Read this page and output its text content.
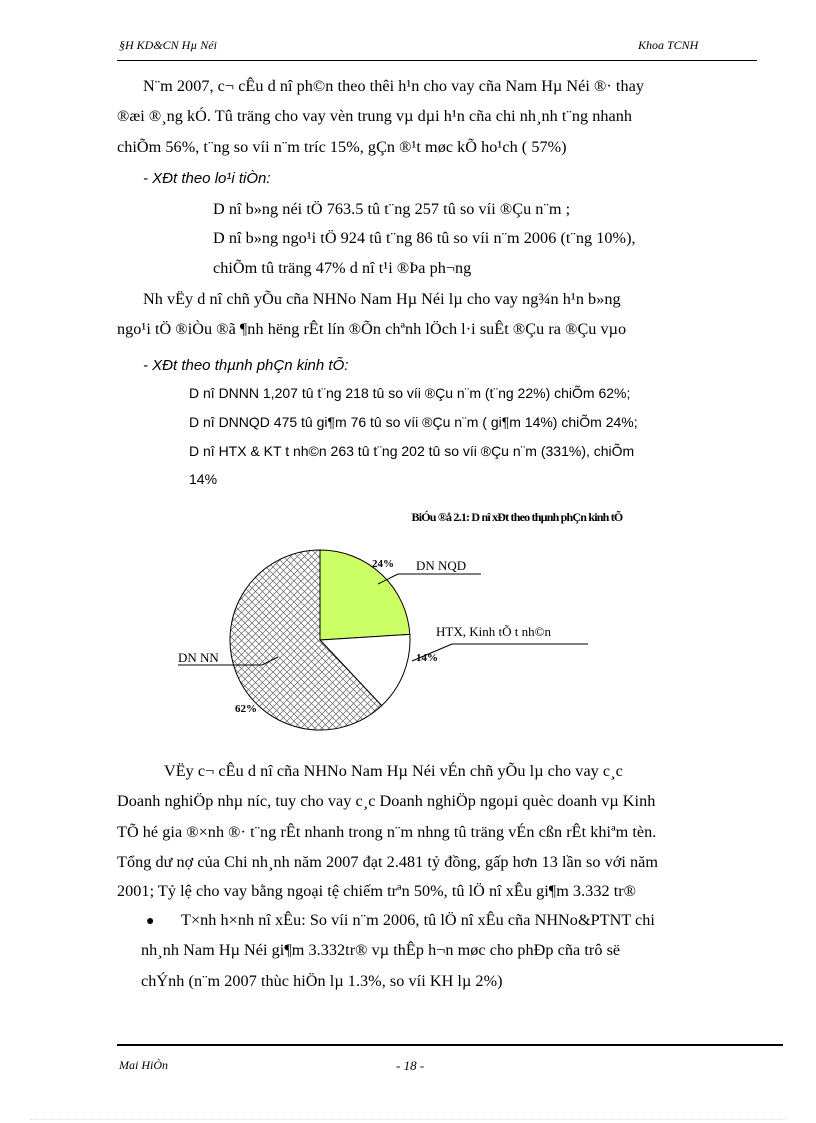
§H KD&CN Hµ Néi	Khoa TCNH
N¨m 2007, c¬ cÊu d nî ph©n theo thêi h¹n cho vay cña Nam Hµ Néi ®· thay
®æi ®¸ng kÓ. Tû träng cho vay vèn trung vµ dµi h¹n cña chi nh¸nh t¨ng nhanh
chiÕm 56%, t¨ng so víi n¨m tríc 15%, gÇn ®¹t møc kÕ ho¹ch ( 57%)
- XÐt theo lo¹i tiÒn:
D nî b»ng néi tÖ 763.5 tû t¨ng 257 tû so víi ®Çu n¨m ;
D nî b»ng ngo¹i tÖ 924 tû t¨ng 86 tû so víi n¨m 2006 (t¨ng 10%),
chiÕm tû träng 47% d nî t¹i ®Þa ph¬ng
Nh vËy d nî chñ yÕu cña NHNo Nam Hµ Néi lµ cho vay ng¾n h¹n b»ng
ngo¹i tÖ ®iÒu ®ã ¶nh hëng rÊt lín ®Õn chªnh lÖch l·i suÊt ®Çu ra ®Çu vµo
- XÐt theo thµnh phÇn kinh tÕ:
D nî DNNN 1,207 tû t¨ng 218 tû so víi ®Çu n¨m (t¨ng 22%) chiÕm 62%;
D nî DNNQD 475 tû gi¶m 76 tû so víi ®Çu n¨m ( gi¶m 14%) chiÕm 24%;
D nî HTX & KT t nh©n 263 tû t¨ng 202 tû so víi ®Çu n¨m (331%), chiÕm
14%
BiÓu ®å 2.1: D nî xÐt theo thµnh phÇn kinh tÕ
DN NN
DN NQD
HTX, Kinh tÕ t nh©n
62%
24%
14%
VËy c¬ cÊu d nî cña NHNo Nam Hµ Néi vÉn chñ yÕu lµ cho vay c¸c
Doanh nghiÖp nhµ níc, tuy cho vay c¸c Doanh nghiÖp ngoµi quèc doanh vµ Kinh
TÕ hé gia ®×nh ®· t¨ng rÊt nhanh trong n¨m nhng tû träng vÉn cßn rÊt khiªm tèn.
Tổng dư nợ của Chi nh¸nh năm 2007 đạt 2.481 tỷ đồng, gấp hơn 13 lần so với năm
2001; Tỷ lệ cho vay bằng ngoại tệ chiếm trªn 50%, tû lÖ nî xÊu gi¶m 3.332 tr®
● T×nh h×nh nî xÊu: So víi n¨m 2006, tû lÖ nî xÊu cña NHNo&PTNT chi
nh¸nh Nam Hµ Néi gi¶m 3.332tr® vµ thÊp h¬n møc cho phÐp cña trô së
chÝnh (n¨m 2007 thùc hiÖn lµ 1.3%, so víi KH lµ 2%)
Mai HiÒn	- 18 -
